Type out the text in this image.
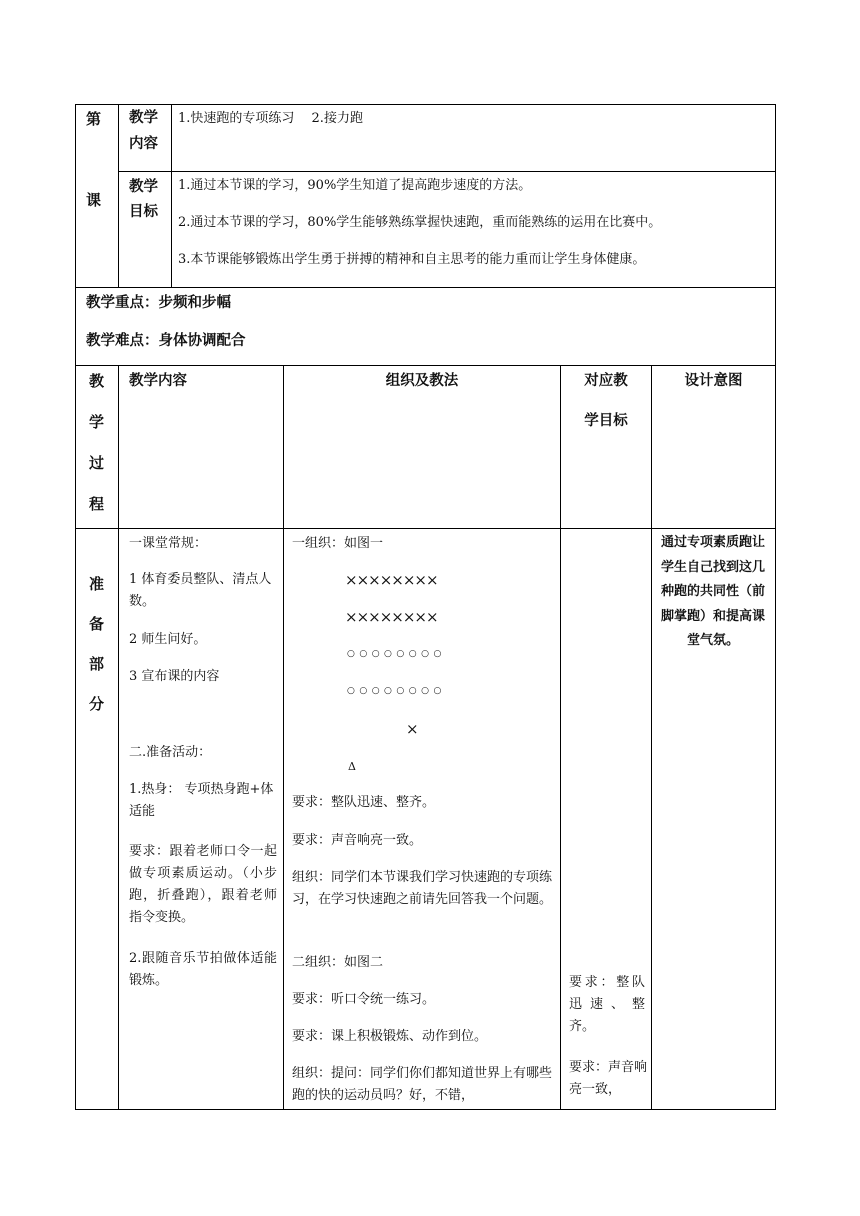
第
课
教学
内容
1.快速跑的专项练习　 2.接力跑
教学
目标
1.通过本节课的学习，90%学生知道了提高跑步速度的方法。
2.通过本节课的学习，80%学生能够熟练掌握快速跑，重而能熟练的运用在比赛中。
3.本节课能够锻炼出学生勇于拼搏的精神和自主思考的能力重而让学生身体健康。
教学重点：步频和步幅
教学难点：身体协调配合
教
学
过
程
教学内容	组织及教法	对应教
学目标
设计意图
准
备
部
分
一课堂常规：
1 体育委员整队、清点人数。
2 师生问好。
3 宣布课的内容
二.准备活动：
1.热身： 专项热身跑+体适能
要求：跟着老师口令一起做专项素质运动。（小步跑，折叠跑），跟着老师指令变换。
2.跟随音乐节拍做体适能锻炼。
一组织：如图一
××××××××
××××××××
○○○○○○○○
○○○○○○○○
×
Δ
要求：整队迅速、整齐。
要求：声音响亮一致。
组织：同学们本节课我们学习快速跑的专项练习，在学习快速跑之前请先回答我一个问题。
二组织：如图二
要求：听口令统一练习。
要求：课上积极锻炼、动作到位。
组织：提问：同学们你们都知道世界上有哪些跑的快的运动员吗？好，不错，
要求：整队迅速、整齐。
要求：声音响亮一致，
通过专项素质跑让学生自己找到这几种跑的共同性（前脚掌跑）和提高课堂气氛。
